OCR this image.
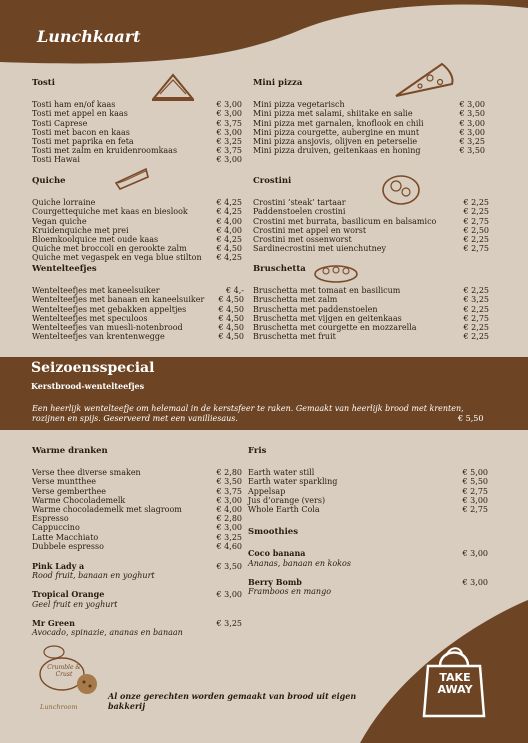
Lunchkaart
Tosti
Tosti ham en/of kaas	€ 3,00
Tosti met appel en kaas	€ 3,00
Tosti Caprese	€ 3,75
Tosti met bacon en kaas	€ 3,00
Tosti met paprika en feta	€ 3,25
Tosti met zalm en kruidenroomkaas	€ 3,75
Tosti Hawai	€ 3,00
Mini pizza
Mini pizza vegetarisch	€ 3,00
Mini pizza met salami, shiitake en salie	€ 3,50
Mini pizza met garnalen, knoflook en chili	€ 3,00
Mini pizza courgette, aubergine en munt	€ 3,00
Mini pizza ansjovis, olijven en peterselie	€ 3,25
Mini pizza druiven, geitenkaas en honing	€ 3,50
Quiche
Quiche lorraine	€ 4,25
Courgettequiche met kaas en bieslook	€ 4,25
Vegan quiche	€ 4,00
Kruidenquiche met prei	€ 4,00
Bloemkoolquice met oude kaas	€ 4,25
Quiche met broccoli en gerookte zalm	€ 4,50
Quiche met vegaspek en vega blue stilton € 4,25
Crostini
Crostini ‘steak’ tartaar	€ 2,25
Paddenstoelen crostini	€ 2,25
Crostini met burrata, basilicum en balsamico	€ 2,75
Crostini met appel en worst	€ 2,50
Crostini met ossenworst	€ 2,25
Sardinecrostini met uienchutney	€ 2,75
Wentelteefjes
Wentelteefjes met kaneelsuiker	€ 4,-
Wentelteefjes met banaan en kaneelsuiker € 4,50
Wentelteefjes met gebakken appeltjes	€ 4,50
Wentelteefjes met speculoos	€ 4,50
Wentelteefjes van muesli-notenbrood	€ 4,50
Wentelteefjes van krentenwegge	€ 4,50
Bruschetta
Bruschetta met tomaat en basilicum	€ 2,25
Bruschetta met zalm	€ 3,25
Bruschetta met paddenstoelen	€ 2,25
Bruschetta met vijgen en geitenkaas	€ 2,75
Bruschetta met courgette en mozzarella	€ 2,25
Bruschetta met fruit	€ 2,25
Seizoensspecial
Kerstbrood-wentelteefjes
Een heerlijk wentelteefje om helemaal in de kerstsfeer te raken. Gemaakt van heerlijk brood met krenten, rozijnen en spijs. Geserveerd met een vanilliesaus.	€ 5,50
Warme dranken
Verse thee diverse smaken	€ 2,80
Verse muntthee	€ 3,50
Verse gemberthee	€ 3,75
Warme Chocolademelk	€ 3,00
Warme chocolademelk met slagroom	€ 4,00
Espresso	€ 2,80
Cappuccino	€ 3,00
Latte Macchiato	€ 3,25
Dubbele espresso	€ 4,60
Pink Lady a	€ 3,50
Rood fruit, banaan en yoghurt
Tropical Orange	€ 3,00
Geel fruit en yoghurt
Mr Green	€ 3,25
Avocado, spinazie, ananas en banaan
Fris
Earth water still	€ 5,00
Earth water sparkling	€ 5,50
Appelsap	€ 2,75
Jus d’orange (vers)	€ 3,00
Whole Earth Cola	€ 2,75
Smoothies
Coco banana	€ 3,00
Ananas, banaan en kokos
Berry Bomb	€ 3,00
Framboos en mango
TAKE AWAY
Crumble & Crust
Lunchroom
Al onze gerechten worden gemaakt van brood uit eigen bakkerij
